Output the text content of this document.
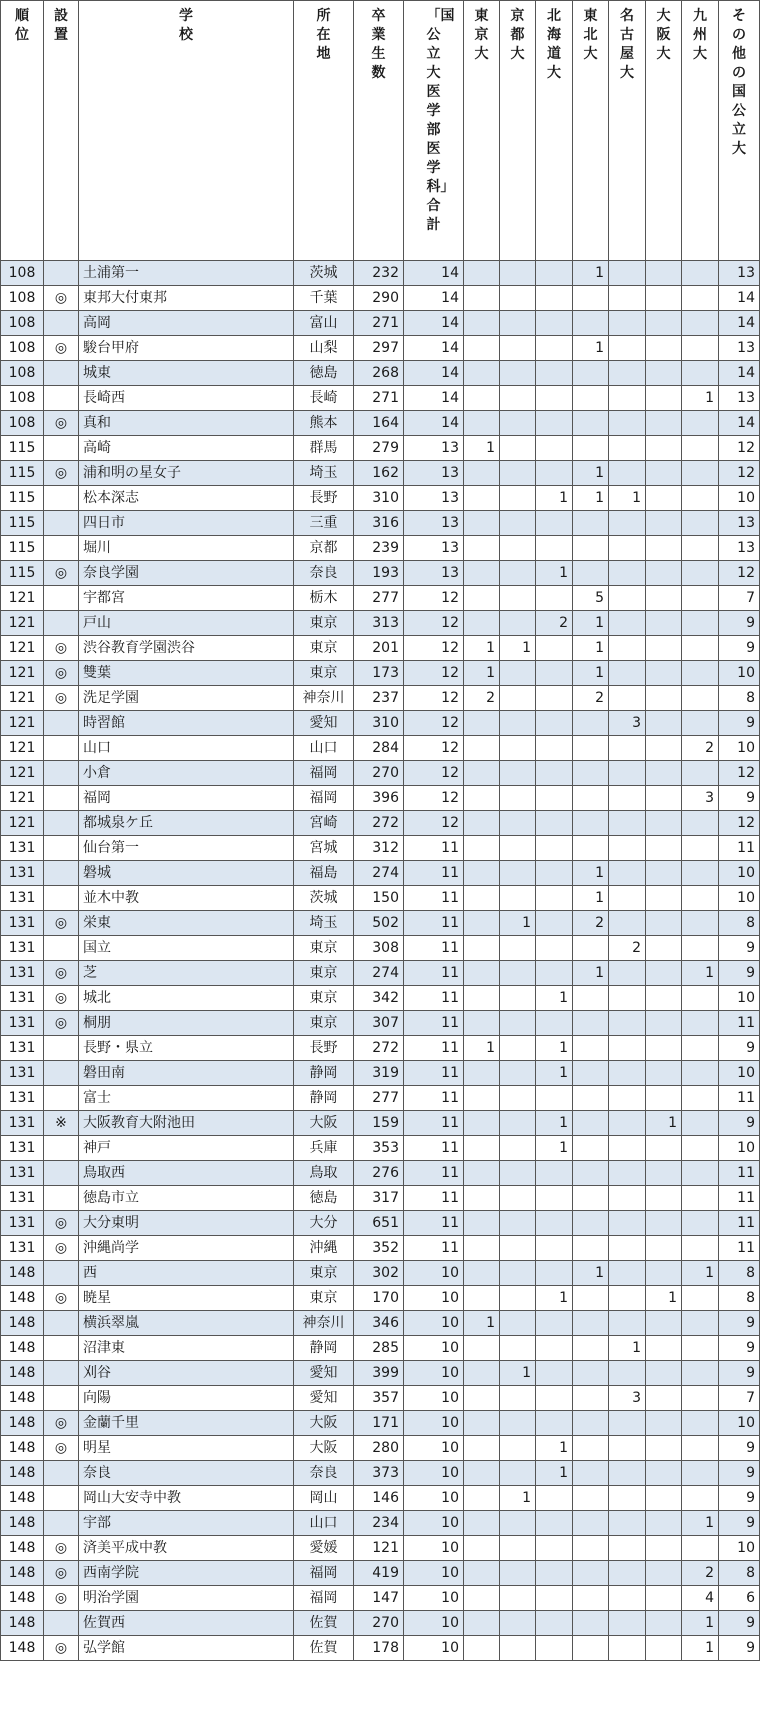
順位	設置	学校	所在地	卒業生数	「国公立大医学部医学科」合計	東京大	京都大	北海道大	東北大	名古屋大	大阪大	九州大	その他の国公立大

108		土浦第一	茨城	232	14				1				13
108	◎	東邦大付東邦	千葉	290	14								14
108		高岡	富山	271	14								14
108	◎	駿台甲府	山梨	297	14				1				13
108		城東	徳島	268	14								14
108		長崎西	長崎	271	14							1	13
108	◎	真和	熊本	164	14								14
115		高崎	群馬	279	13	1							12
115	◎	浦和明の星女子	埼玉	162	13				1				12
115		松本深志	長野	310	13			1	1	1			10
115		四日市	三重	316	13								13
115		堀川	京都	239	13								13
115	◎	奈良学園	奈良	193	13			1					12
121		宇都宮	栃木	277	12				5				7
121		戸山	東京	313	12			2	1				9
121	◎	渋谷教育学園渋谷	東京	201	12	1	1		1				9
121	◎	雙葉	東京	173	12	1			1				10
121	◎	洗足学園	神奈川	237	12	2			2				8
121		時習館	愛知	310	12					3			9
121		山口	山口	284	12							2	10
121		小倉	福岡	270	12								12
121		福岡	福岡	396	12							3	9
121		都城泉ケ丘	宮崎	272	12								12
131		仙台第一	宮城	312	11								11
131		磐城	福島	274	11				1				10
131		並木中教	茨城	150	11				1				10
131	◎	栄東	埼玉	502	11		1		2				8
131		国立	東京	308	11					2			9
131	◎	芝	東京	274	11				1			1	9
131	◎	城北	東京	342	11			1					10
131	◎	桐朋	東京	307	11								11
131		長野・県立	長野	272	11	1		1					9
131		磐田南	静岡	319	11			1					10
131		富士	静岡	277	11								11
131	※	大阪教育大附池田	大阪	159	11			1			1		9
131		神戸	兵庫	353	11			1					10
131		鳥取西	鳥取	276	11								11
131		徳島市立	徳島	317	11								11
131	◎	大分東明	大分	651	11								11
131	◎	沖縄尚学	沖縄	352	11								11
148		西	東京	302	10				1			1	8
148	◎	暁星	東京	170	10			1			1		8
148		横浜翠嵐	神奈川	346	10	1							9
148		沼津東	静岡	285	10					1			9
148		刈谷	愛知	399	10		1						9
148		向陽	愛知	357	10					3			7
148	◎	金蘭千里	大阪	171	10								10
148	◎	明星	大阪	280	10			1					9
148		奈良	奈良	373	10			1					9
148		岡山大安寺中教	岡山	146	10		1						9
148		宇部	山口	234	10							1	9
148	◎	済美平成中教	愛媛	121	10								10
148	◎	西南学院	福岡	419	10							2	8
148	◎	明治学園	福岡	147	10							4	6
148		佐賀西	佐賀	270	10							1	9
148	◎	弘学館	佐賀	178	10							1	9
